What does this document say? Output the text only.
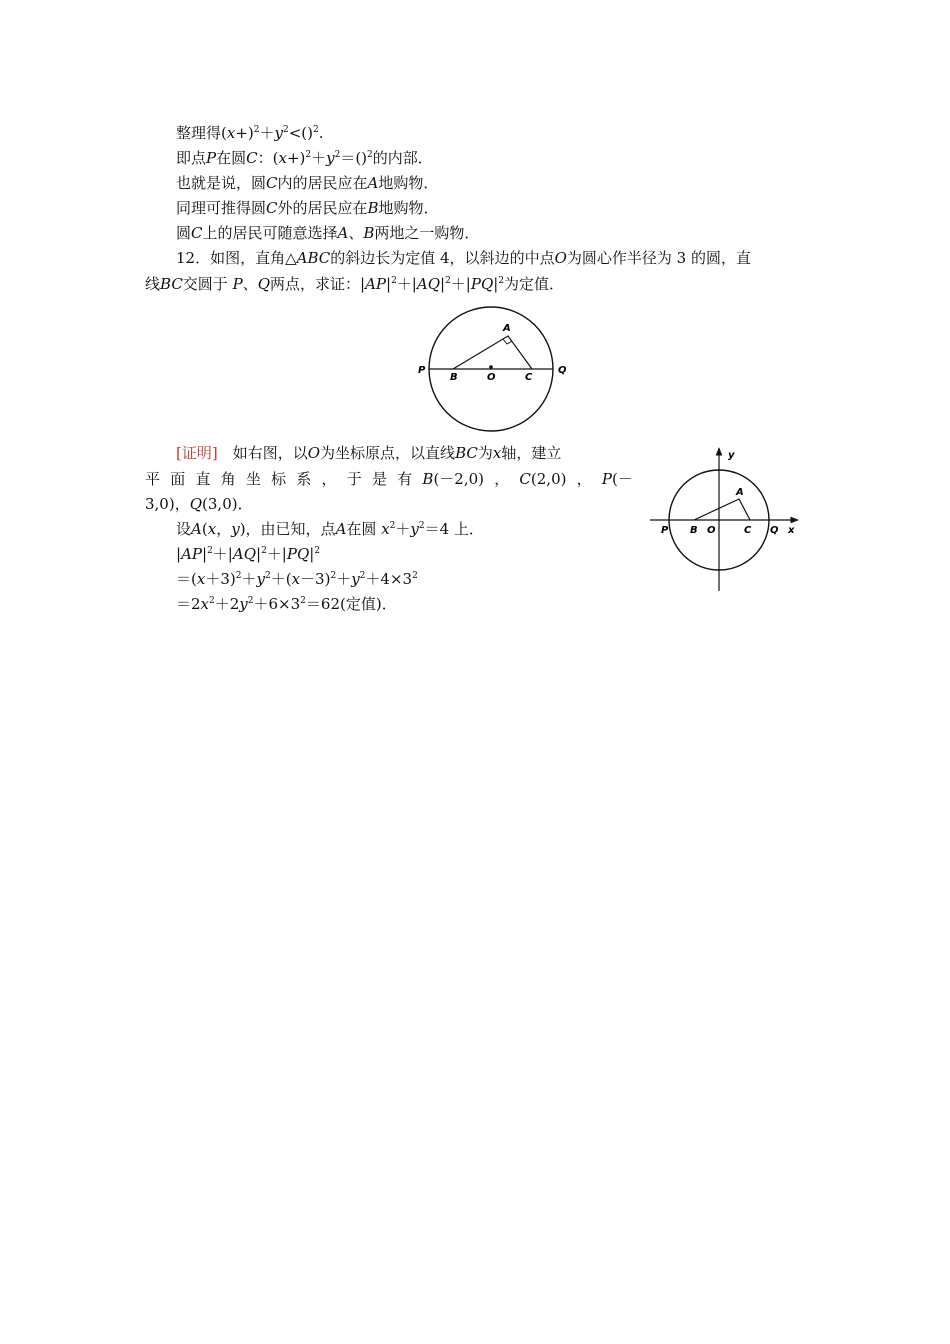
整理得$(x+)^2+y^2<()^2$.
即点P在圆C：$(x+)^2+y^2=()^2$的内部．
也就是说，圆C内的居民应在A地购物．
同理可推得圆C外的居民应在B地购物．
圆C上的居民可随意选择A、B两地之一购物．
12．如图，直角△ABC的斜边长为定值 4，以斜边的中点O为圆心作半径为 3 的圆，直
线BC交圆于 P、Q两点，求证：$|AP|^2+|AQ|^2+|PQ|^2$为定值．
P
B	O	C
Q
A
[证明]　如右图，以O为坐标原点，以直线BC为x轴，建立
平 面 直 角 坐 标 系 ， 于 是 有 B(－2,0) ， C(2,0) ， P(－
3,0)，Q(3,0)．
设A(x，y)，由已知，点A在圆 $x^2+y^2=4$ 上．
$|AP|^2+|AQ|^2+|PQ|^2$
$=(x+3)^2+y^2+(x-3)^2+y^2+4\times 3^2$
$=2x^2+2y^2+6\times 3^2=62$(定值)．
y
A
P B O	C Q x
